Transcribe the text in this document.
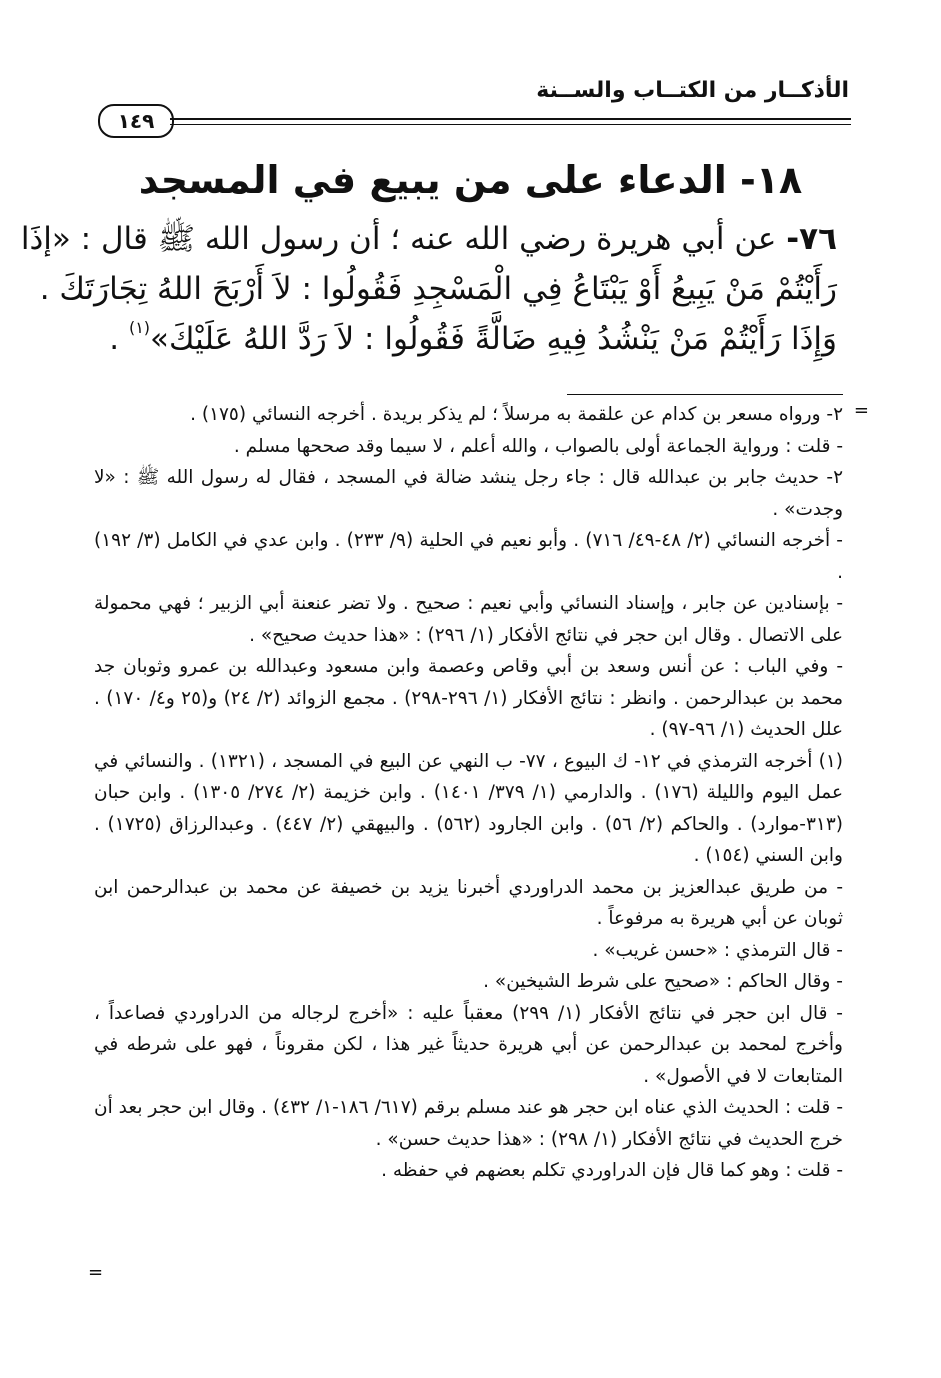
الأذكــار من الكتــاب والســنة
١٤٩
١٨- الدعاء على من يبيع في المسجد

٧٦- عن أبي هريرة رضي الله عنه ؛ أن رسول الله ﷺ قال : «إذَا

رَأَيْتُمْ مَنْ يَبِيعُ أَوْ يَبْتَاعُ فِي الْمَسْجِدِ فَقُولُوا : لاَ أَرْبَحَ اللهُ تِجَارَتَكَ .

وَإِذَا رَأَيْتُمْ مَنْ يَنْشُدُ فِيهِ ضَالَّةً فَقُولُوا : لاَ رَدَّ اللهُ عَلَيْكَ»$^{(١)}$ .

=

٢- ورواه مسعر بن كدام عن علقمة به مرسلاً ؛ لم يذكر بريدة . أخرجه النسائي (١٧٥) .

- قلت : ورواية الجماعة أولى بالصواب ، والله أعلم ، لا سيما وقد صححها مسلم .

٢- حديث جابر بن عبدالله قال : جاء رجل ينشد ضالة في المسجد ، فقال له رسول الله ﷺ : «لا وجدت» .

- أخرجه النسائي (٢/ ٤٨-٤٩/ ٧١٦) . وأبو نعيم في الحلية (٩/ ٢٣٣) . وابن عدي في الكامل (٣/ ١٩٢) .

- بإسنادين عن جابر ، وإسناد النسائي وأبي نعيم : صحيح . ولا تضر عنعنة أبي الزبير ؛ فهي محمولة على الاتصال . وقال ابن حجر في نتائج الأفكار (١/ ٢٩٦) : «هذا حديث صحيح» .

- وفي الباب : عن أنس وسعد بن أبي وقاص وعصمة وابن مسعود وعبدالله بن عمرو وثوبان جد محمد بن عبدالرحمن . وانظر : نتائج الأفكار (١/ ٢٩٦-٢٩٨) . مجمع الزوائد (٢/ ٢٤) و(٢٥ و٤/ ١٧٠) . علل الحديث (١/ ٩٦-٩٧) .

(١) أخرجه الترمذي في ١٢- ك البيوع ، ٧٧- ب النهي عن البيع في المسجد ، (١٣٢١) . والنسائي في عمل اليوم والليلة (١٧٦) . والدارمي (١/ ٣٧٩/ ١٤٠١) . وابن خزيمة (٢/ ٢٧٤/ ١٣٠٥) . وابن حبان (٣١٣-موارد) . والحاكم (٢/ ٥٦) . وابن الجارود (٥٦٢) . والبيهقي (٢/ ٤٤٧) . وعبدالرزاق (١٧٢٥) . وابن السني (١٥٤) .

- من طريق عبدالعزيز بن محمد الدراوردي أخبرنا يزيد بن خصيفة عن محمد بن عبدالرحمن ابن ثوبان عن أبي هريرة به مرفوعاً .

- قال الترمذي : «حسن غريب» .

- وقال الحاكم : «صحيح على شرط الشيخين» .

- قال ابن حجر في نتائج الأفكار (١/ ٢٩٩) معقباً عليه : «أخرج لرجاله من الدراوردي فصاعداً ، وأخرج لمحمد بن عبدالرحمن عن أبي هريرة حديثاً غير هذا ، لكن مقروناً ، فهو على شرطه في المتابعات لا في الأصول» .

- قلت : الحديث الذي عناه ابن حجر هو عند مسلم برقم (٦١٧/ ١٨٦-١/ ٤٣٢) . وقال ابن حجر بعد أن خرج الحديث في نتائج الأفكار (١/ ٢٩٨) : «هذا حديث حسن» .

- قلت : وهو كما قال فإن الدراوردي تكلم بعضهم في حفظه .

=
